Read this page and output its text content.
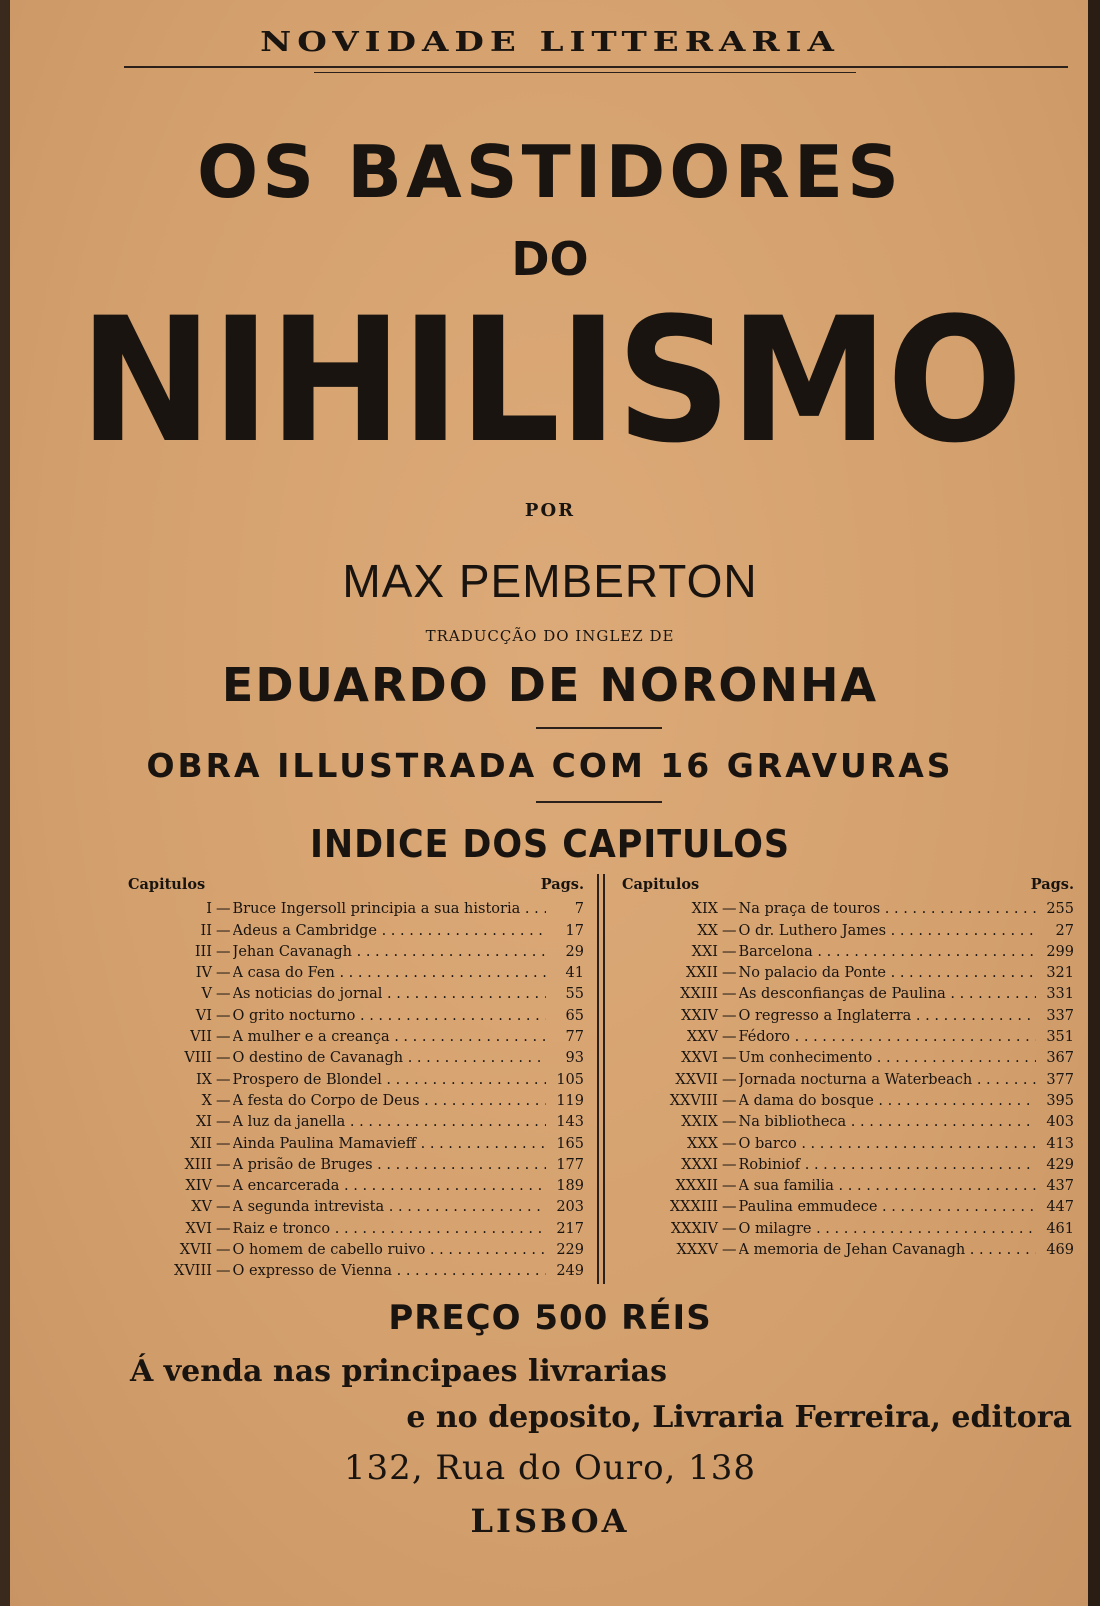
NOVIDADE LITTERARIA
OS BASTIDORES
DO
NIHILISMO
POR
MAX PEMBERTON
TRADUCÇÃO DO INGLEZ DE
EDUARDO DE NORONHA
OBRA ILLUSTRADA COM 16 GRAVURAS
INDICE DOS CAPITULOS
Capitulos	Pags.
I — Bruce Ingersoll principia a sua historia . . .	7
II — Adeus a Cambridge . . .	17
III — Jehan Cavanagh . . .	29
IV — A casa do Fen . . .	41
V — As noticias do jornal . . .	55
VI — O grito nocturno . . .	65
VII — A mulher e a creança . . .	77
VIII — O destino de Cavanagh . . .	93
IX — Prospero de Blondel . . .	105
X — A festa do Corpo de Deus . . .	119
XI — A luz da janella . . .	143
XII — Ainda Paulina Mamavieff . . .	165
XIII — A prisão de Bruges . . .	177
XIV — A encarcerada . . .	189
XV — A segunda intrevista . . .	203
XVI — Raiz e tronco . . .	217
XVII — O homem de cabello ruivo . . .	229
XVIII — O expresso de Vienna . . .	249
Capitulos	Pags.
XIX — Na praça de touros . . .	255
XX — O dr. Luthero James . . .	27
XXI — Barcelona . . .	299
XXII — No palacio da Ponte . . .	321
XXIII — As desconfianças de Paulina . . .	331
XXIV — O regresso a Inglaterra . . .	337
XXV — Fédoro . . .	351
XXVI — Um conhecimento . . .	367
XXVII — Jornada nocturna a Waterbeach . . .	377
XXVIII — A dama do bosque . . .	395
XXIX — Na bibliotheca . . .	403
XXX — O barco . . .	413
XXXI — Robiniof . . .	429
XXXII — A sua familia . . .	437
XXXIII — Paulina emmudece . . .	447
XXXIV — O milagre . . .	461
XXXV — A memoria de Jehan Cavanagh . . .	469
PREÇO 500 RÉIS
Á venda nas principaes livrarias
e no deposito, Livraria Ferreira, editora
132, Rua do Ouro, 138
LISBOA
